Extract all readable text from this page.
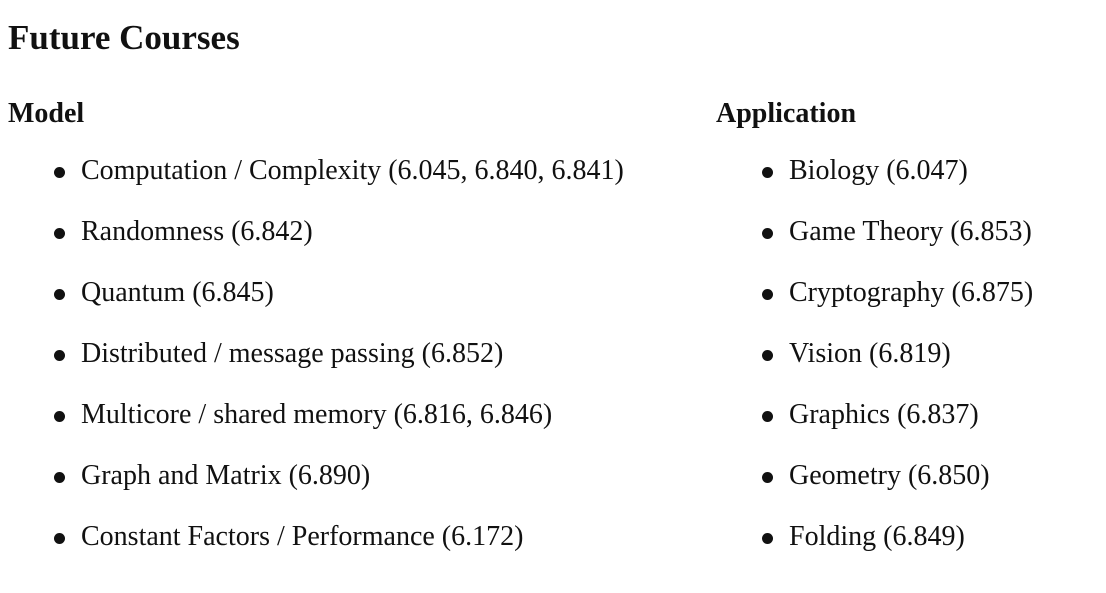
Future Courses
Model
Computation / Complexity (6.045, 6.840, 6.841)
Randomness (6.842)
Quantum (6.845)
Distributed / message passing (6.852)
Multicore / shared memory (6.816, 6.846)
Graph and Matrix (6.890)
Constant Factors / Performance (6.172)
Application
Biology (6.047)
Game Theory (6.853)
Cryptography (6.875)
Vision (6.819)
Graphics (6.837)
Geometry (6.850)
Folding (6.849)
